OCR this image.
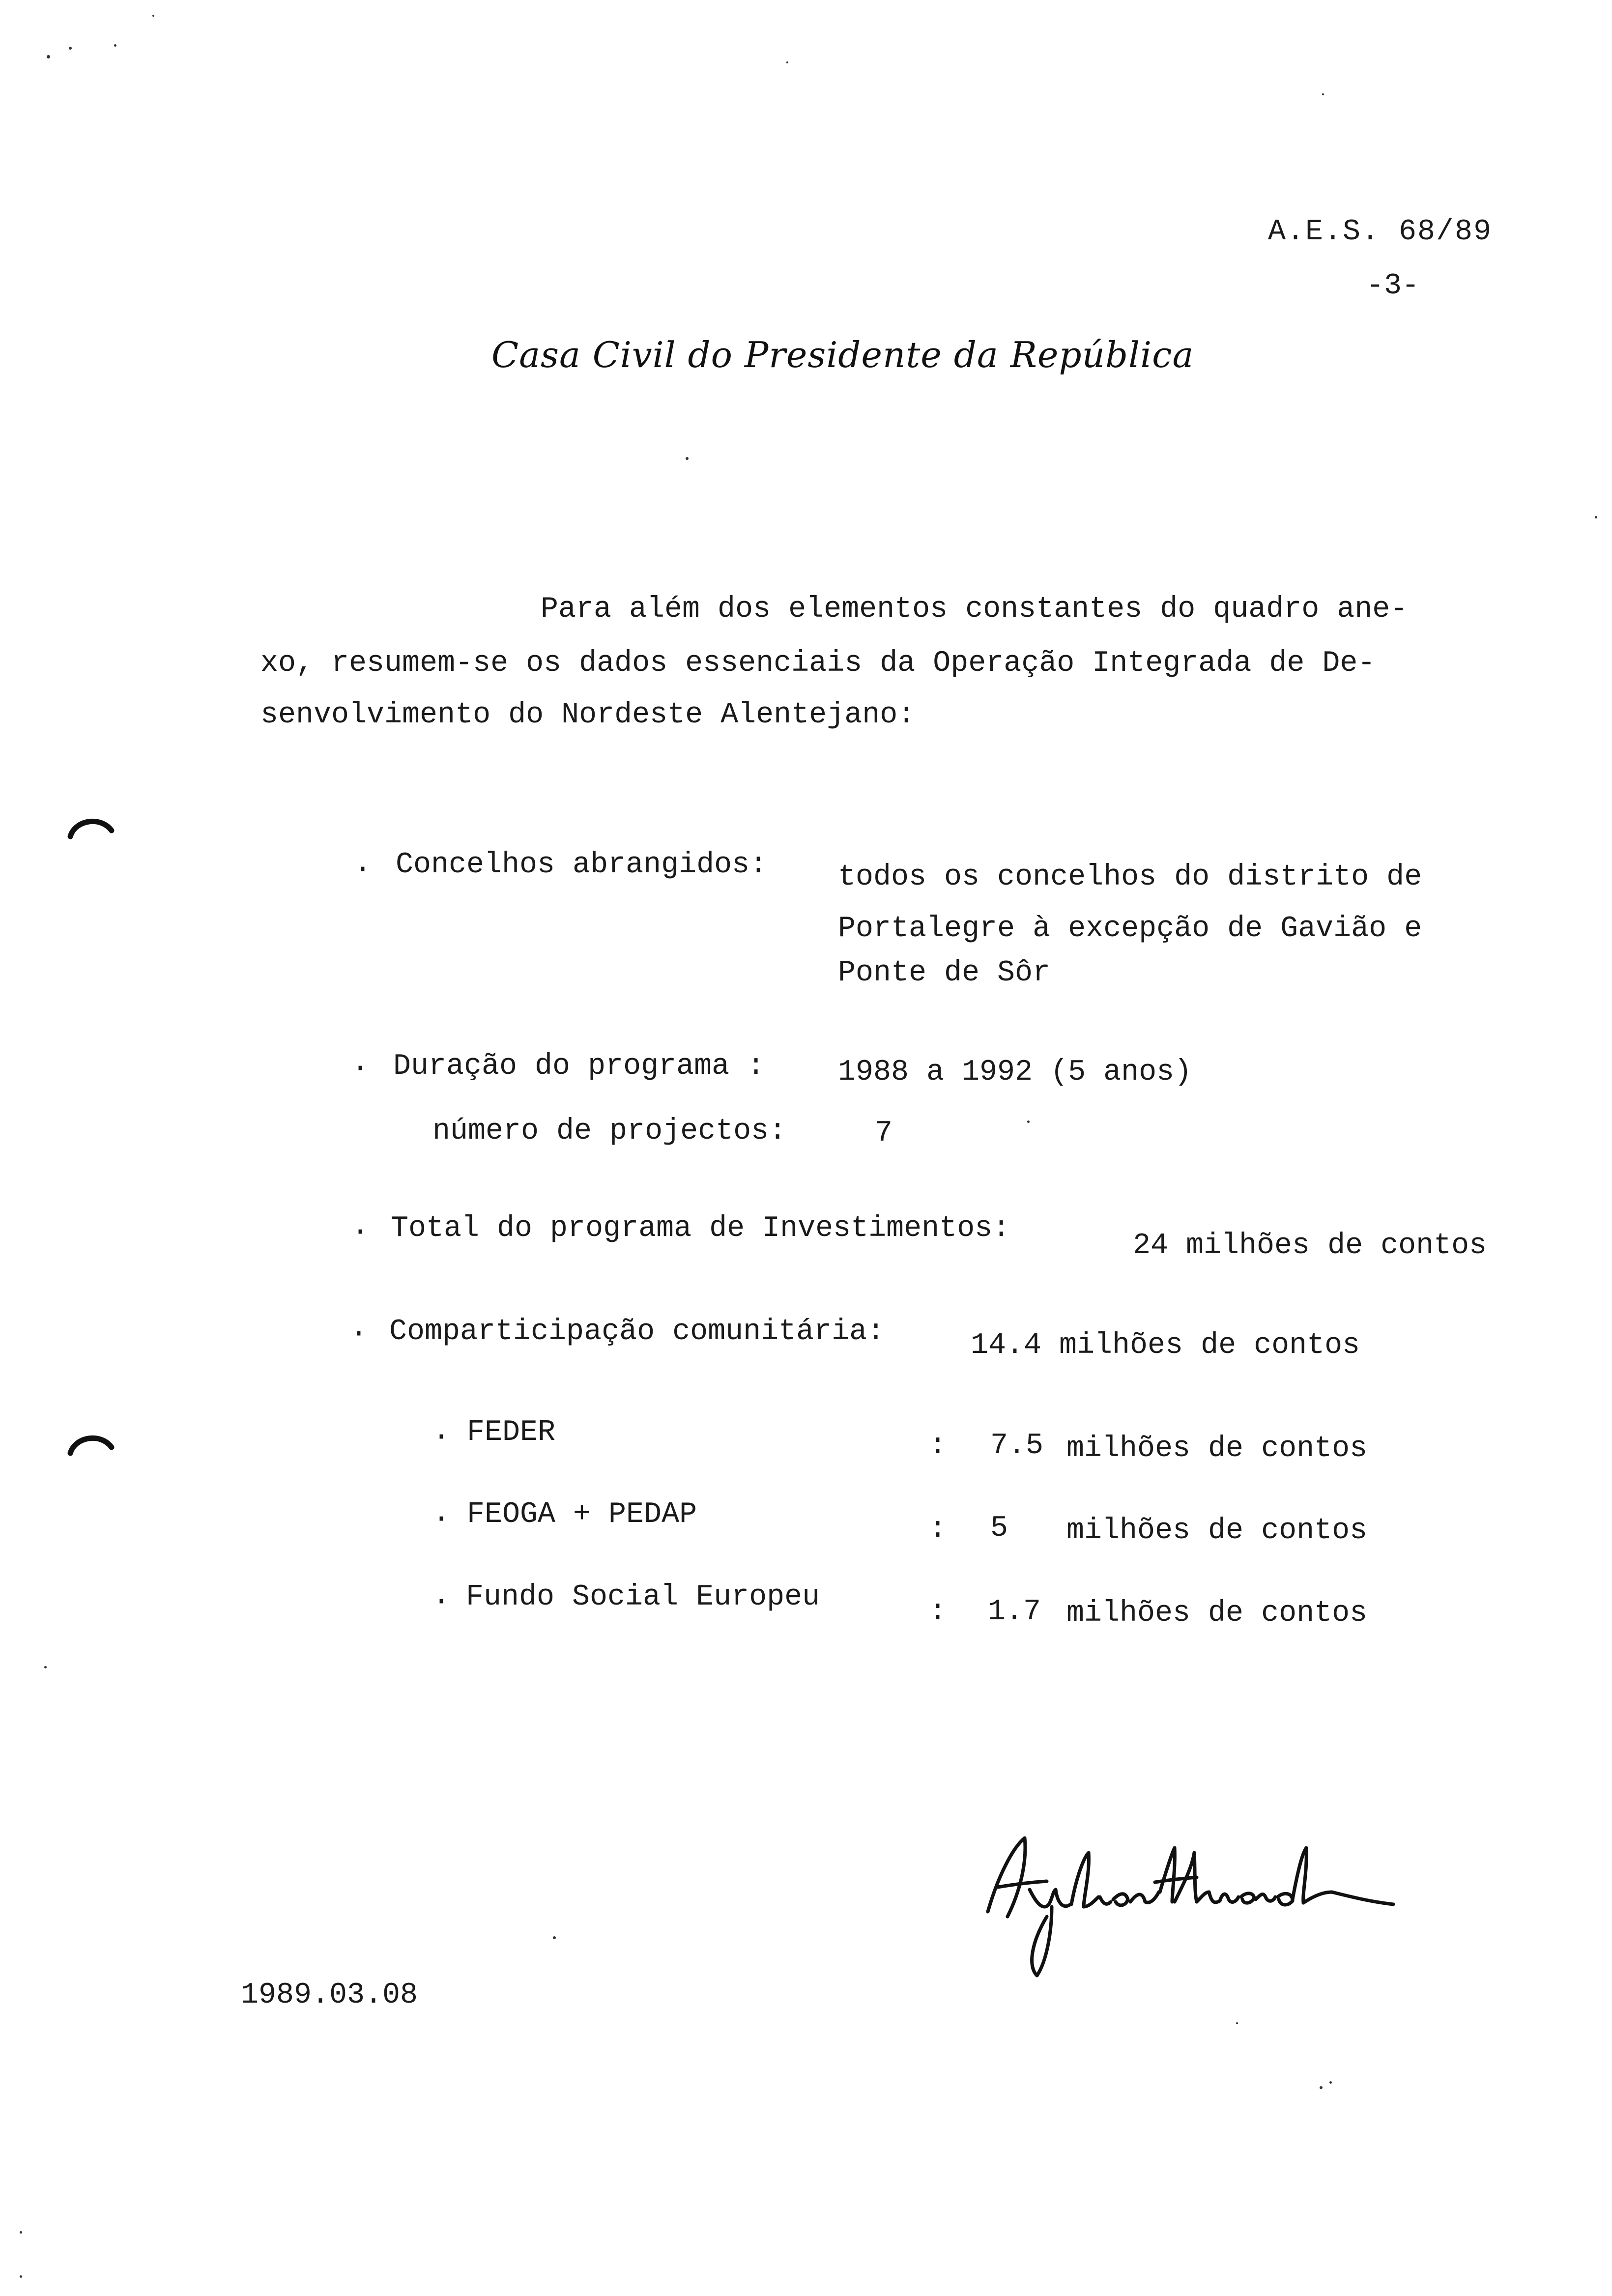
A.E.S. 68/89
-3-
Casa Civil do Presidente da República
Para além dos elementos constantes do quadro ane-
xo, resumem-se os dados essenciais da Operação Integrada de De-
senvolvimento do Nordeste Alentejano:
· Concelhos abrangidos: todos os concelhos do distrito de
Portalegre à excepção de Gavião e
Ponte de Sôr
· Duração do programa : 1988 a 1992 (5 anos)
número de projectos:	7
· Total do programa de Investimentos:
24 milhões de contos
· Comparticipação comunitária:	14.4 milhões de contos
· FEDER	: 7.5 milhões de contos
· FEOGA + PEDAP	: 5 milhões de contos
· Fundo Social Europeu	: 1.7 milhões de contos
1989.03.08
